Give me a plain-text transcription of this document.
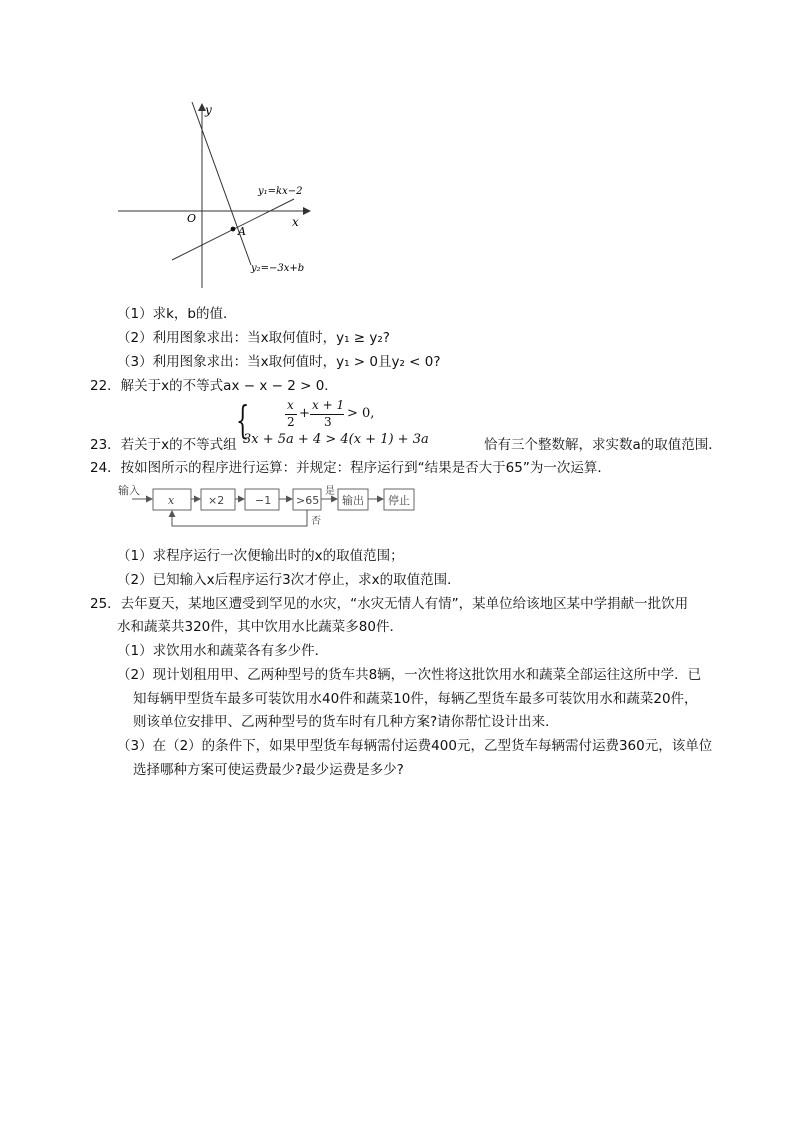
y
x
O
A
y₁=kx−2
y₂=−3x+b
（1）求k，b的值．
（2）利用图象求出：当x取何值时，y₁ ≥ y₂?
（3）利用图象求出：当x取何值时，y₁ > 0且y₂ < 0?
22．解关于x的不等式ax − x − 2 > 0．
23．若关于x的不等式组
{	x
2
+
x + 1
3
> 0,
3x + 5a + 4 > 4(x + 1) + 3a	恰有三个整数解，求实数a的取值范围．
24．按如图所示的程序进行运算：并规定：程序运行到“结果是否大于65”为一次运算．
输入
x	×2	−1 >65
是
输出 停止
否
（1）求程序运行一次便输出时的x的取值范围；
（2）已知输入x后程序运行3次才停止，求x的取值范围．
25．去年夏天，某地区遭受到罕见的水灾，“水灾无情人有情”，某单位给该地区某中学捐献一批饮用
水和蔬菜共320件，其中饮用水比蔬菜多80件．
（1）求饮用水和蔬菜各有多少件．
（2）现计划租用甲、乙两种型号的货车共8辆，一次性将这批饮用水和蔬菜全部运往这所中学．已
知每辆甲型货车最多可装饮用水40件和蔬菜10件，每辆乙型货车最多可装饮用水和蔬菜20件，
则该单位安排甲、乙两种型号的货车时有几种方案?请你帮忙设计出来．
（3）在（2）的条件下，如果甲型货车每辆需付运费400元，乙型货车每辆需付运费360元，该单位
选择哪种方案可使运费最少?最少运费是多少?
